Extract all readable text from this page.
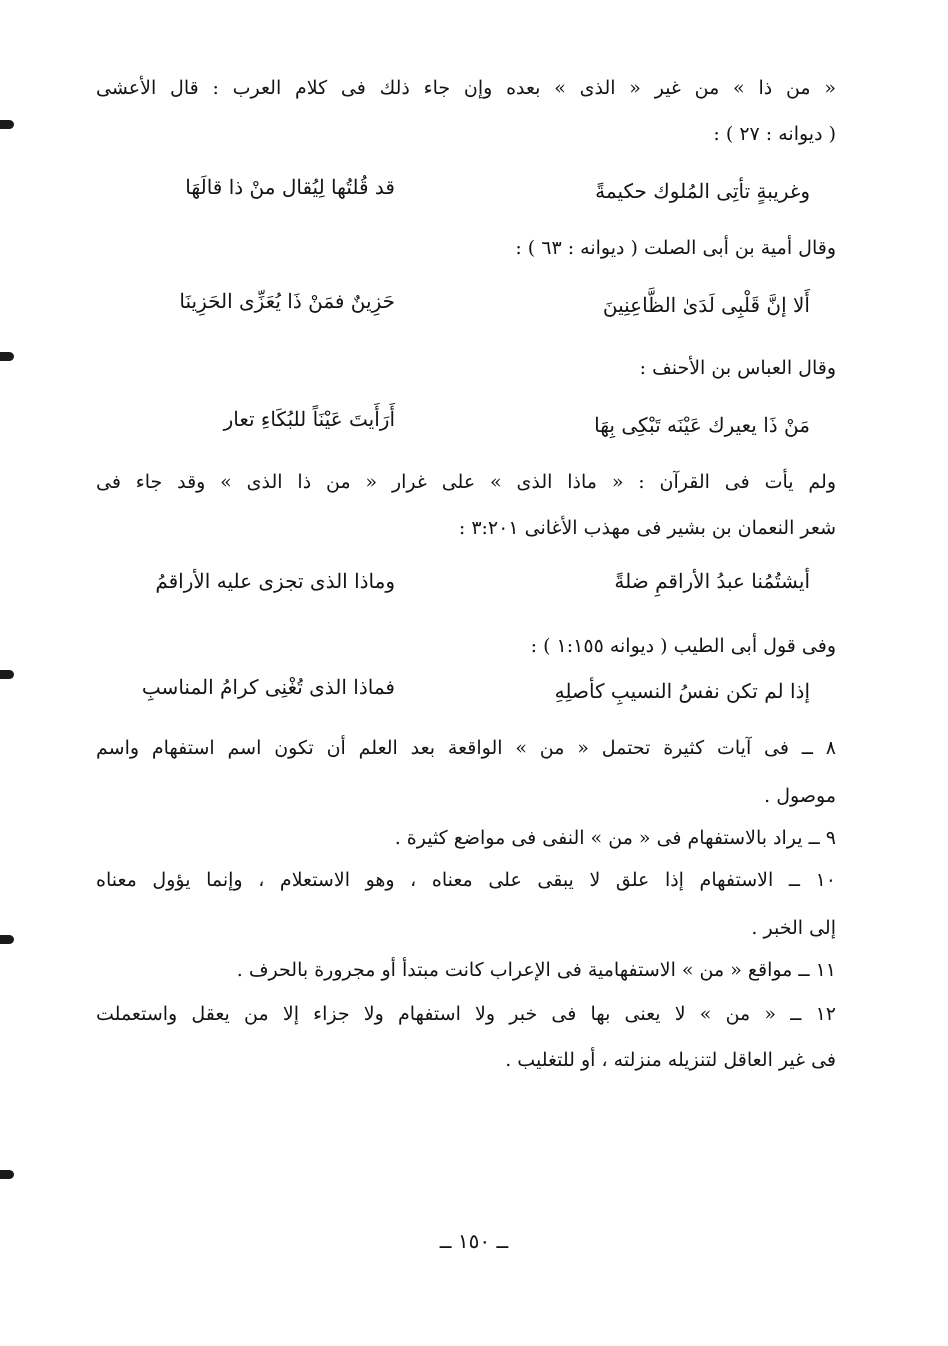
« من ذا » من غير « الذى » بعده وإن جاء ذلك فى كلام العرب : قال الأعشى
( ديوانه : ٢٧ ) :
وغريبةٍ تأتِى المُلوك حكيمةً
قد قُلتُها لِيُقال منْ ذا قالَهَا
وقال أمية بن أبى الصلت ( ديوانه : ٦٣ ) :
أَلا إنَّ قَلْبِى لَدَىٰ الظَّاعِنِينَ
حَزِينٌ فمَنْ ذَا يُعَزِّى الحَزِينَا
وقال العباس بن الأحنف :
مَنْ ذَا يعيرك عَيْنَه تَبْكِى بِهَا
أَرَأَيتَ عَيْنَاً للبُكَاءِ تعار
ولم يأت فى القرآن : « ماذا الذى » على غرار « من ذا الذى » وقد جاء فى
شعر النعمان بن بشير فى مهذب الأغانى ٣:٢٠١ :
أيشتُمُنا عبدُ الأراقمِ ضلةً
وماذا الذى تجزى عليه الأراقمُ
وفى قول أبى الطيب ( ديوانه ١:١٥٥ ) :
إذا لم تكن نفسُ النسيبِ كأصلِهِ
فماذا الذى تُغْنِى كرامُ المناسبِ
٨ ــ فى آيات كثيرة تحتمل « من » الواقعة بعد العلم أن تكون اسم استفهام واسم
موصول .
٩ ــ يراد بالاستفهام فى « من » النفى فى مواضع كثيرة .
١٠ ــ الاستفهام إذا علق لا يبقى على معناه ، وهو الاستعلام ، وإنما يؤول معناه
إلى الخبر .
١١ ــ مواقع « من » الاستفهامية فى الإعراب كانت مبتدأ أو مجرورة بالحرف .
١٢ ــ « من » لا يعنى بها فى خبر ولا استفهام ولا جزاء إلا من يعقل واستعملت
فى غير العاقل لتنزيله منزلته ، أو للتغليب .
ــ ١٥٠ ــ
